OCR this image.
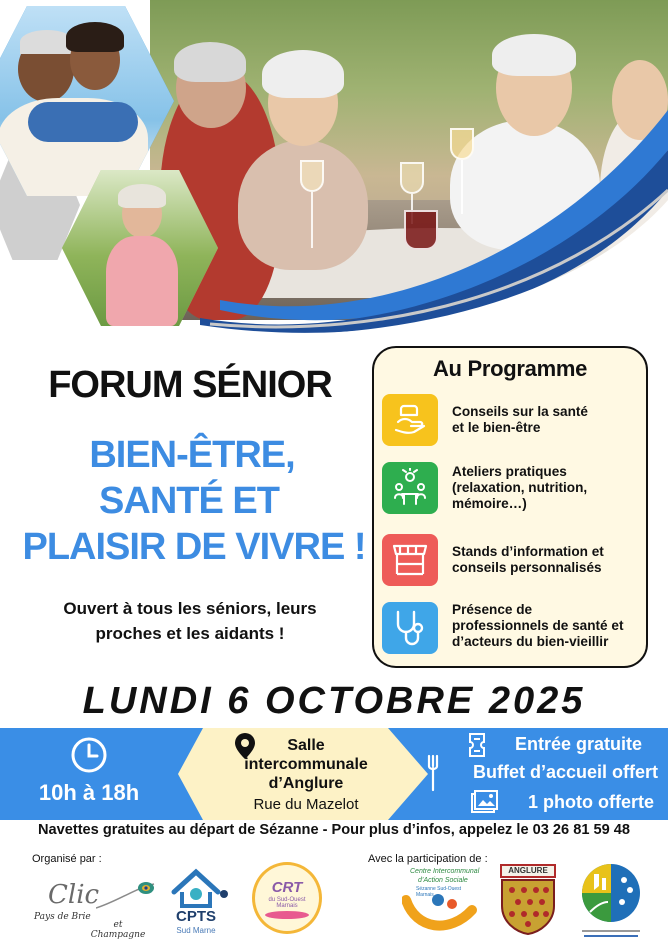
FORUM SÉNIOR
BIEN-ÊTRE,
SANTÉ ET
PLAISIR DE VIVRE !
Ouvert à tous les séniors, leurs
proches et les aidants !
Au Programme
Conseils sur la santé
et le bien-être
Ateliers pratiques
(relaxation, nutrition,
mémoire…)
Stands d’information et
conseils personnalisés
Présence de
professionnels de santé et
d’acteurs du bien-vieillir
LUNDI 6 OCTOBRE 2025
10h à 18h
Salle
intercommunale
d’Anglure
Rue du Mazelot
Entrée gratuite
Buffet d’accueil offert
1 photo offerte
Navettes gratuites au départ de Sézanne - Pour plus d’infos, appelez le 03 26 81 59 48
Organisé par :	Avec la participation de :
Clic
Pays de Brie
et Champagne
CPTS
Sud Marne
CRT
du Sud-Ouest Marnais
Centre Intercommunal
d’Action Sociale
Sézanne Sud-Ouest Marnais
ANGLURE
